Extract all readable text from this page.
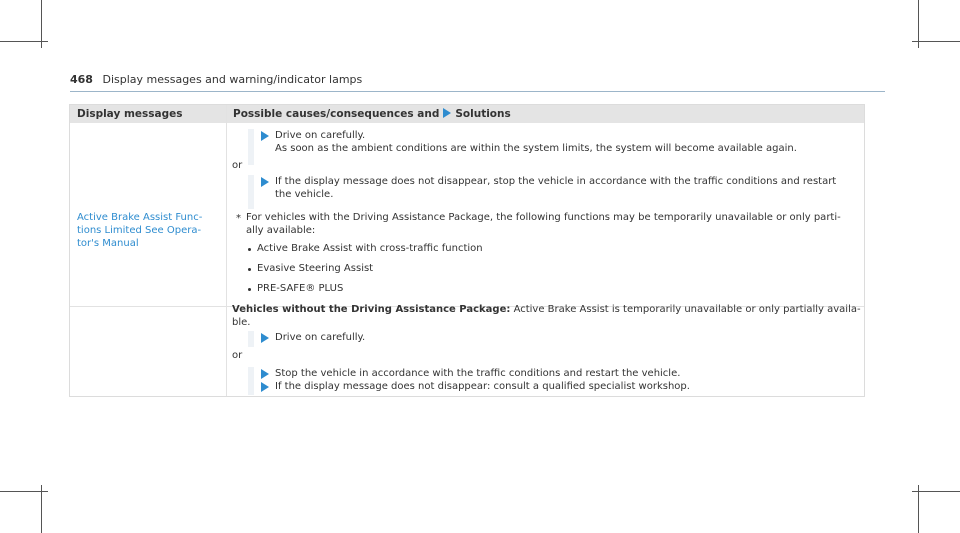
468 Display messages and warning/indicator lamps
Display messages	Possible causes/consequences and Solutions
Drive on carefully.
As soon as the ambient conditions are within the system limits, the system will become available again.
or
If the display message does not disappear, stop the vehicle in accordance with the traffic conditions and restart
the vehicle.
Active Brake Assist Func-
tions Limited See Opera-
tor's Manual
* For vehicles with the Driving Assistance Package, the following functions may be temporarily unavailable or only parti-
ally available:
Active Brake Assist with cross-traffic function
Evasive Steering Assist
PRE-SAFE® PLUS
Vehicles without the Driving Assistance Package: Active Brake Assist is temporarily unavailable or only partially availa-
ble.
Drive on carefully.
or
Stop the vehicle in accordance with the traffic conditions and restart the vehicle.
If the display message does not disappear: consult a qualified specialist workshop.
